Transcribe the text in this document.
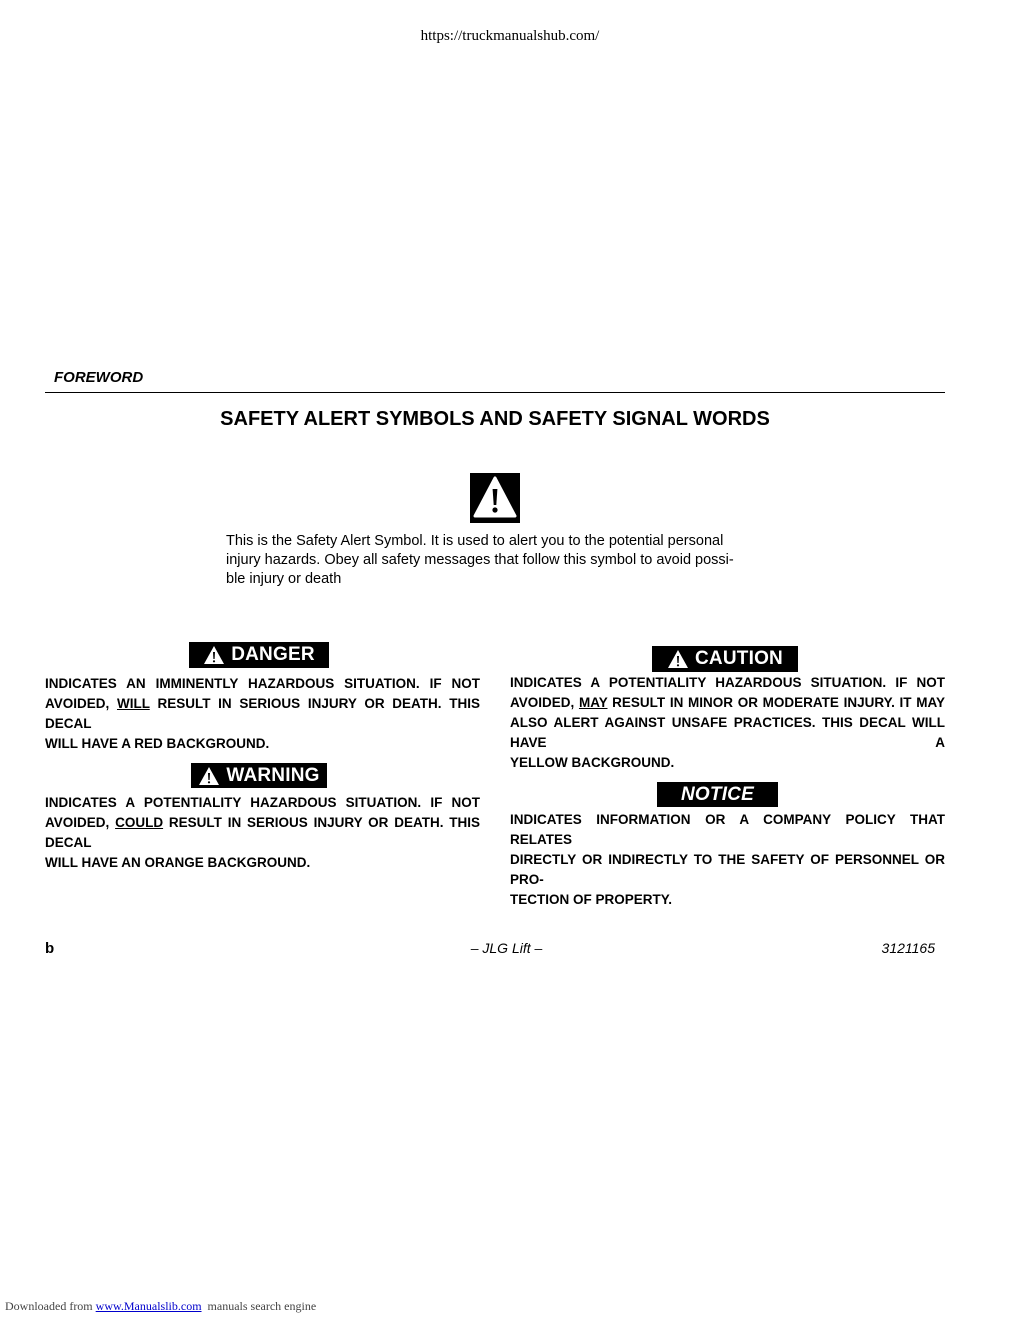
https://truckmanualshub.com/
FOREWORD
SAFETY ALERT SYMBOLS AND SAFETY SIGNAL WORDS
This is the Safety Alert Symbol. It is used to alert you to the potential personal
injury hazards. Obey all safety messages that follow this symbol to avoid possi-
ble injury or death
DANGER
INDICATES AN IMMINENTLY HAZARDOUS SITUATION. IF NOT
AVOIDED, WILL RESULT IN SERIOUS INJURY OR DEATH. THIS DECAL
WILL HAVE A RED BACKGROUND.
WARNING
INDICATES A POTENTIALITY HAZARDOUS SITUATION. IF NOT
AVOIDED, COULD RESULT IN SERIOUS INJURY OR DEATH. THIS DECAL
WILL HAVE AN ORANGE BACKGROUND.
CAUTION
INDICATES A POTENTIALITY HAZARDOUS SITUATION. IF NOT
AVOIDED, MAY RESULT IN MINOR OR MODERATE INJURY. IT MAY
ALSO ALERT AGAINST UNSAFE PRACTICES. THIS DECAL WILL HAVE A
YELLOW BACKGROUND.
NOTICE
INDICATES INFORMATION OR A COMPANY POLICY THAT RELATES
DIRECTLY OR INDIRECTLY TO THE SAFETY OF PERSONNEL OR PRO-
TECTION OF PROPERTY.
b	– JLG Lift –	3121165
Downloaded from www.Manualslib.com  manuals search engine
